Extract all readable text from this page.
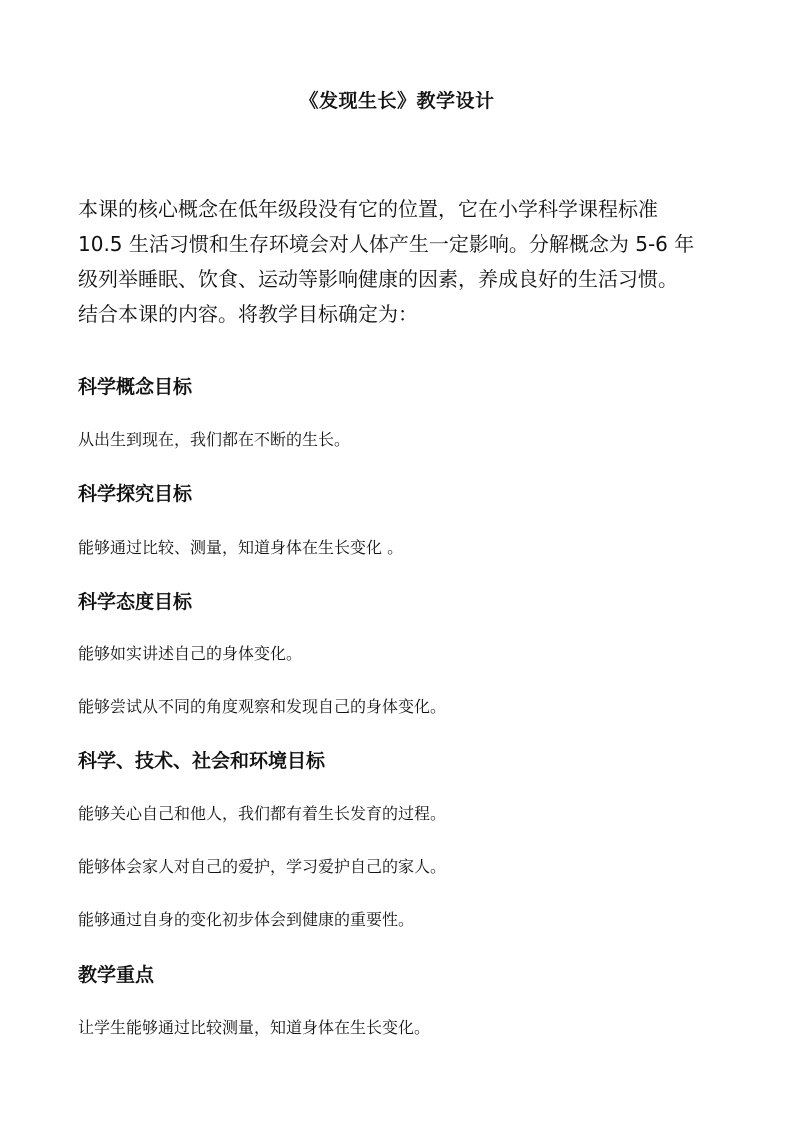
《发现生长》教学设计
本课的核心概念在低年级段没有它的位置，它在小学科学课程标准
10.5 生活习惯和生存环境会对人体产生一定影响。分解概念为 5-6 年
级列举睡眠、饮食、运动等影响健康的因素，养成良好的生活习惯。
结合本课的内容。将教学目标确定为：
科学概念目标
从出生到现在，我们都在不断的生长。
科学探究目标
能够通过比较、测量，知道身体在生长变化 。
科学态度目标
能够如实讲述自己的身体变化。
能够尝试从不同的角度观察和发现自己的身体变化。
科学、技术、社会和环境目标
能够关心自己和他人，我们都有着生长发育的过程。
能够体会家人对自己的爱护，学习爱护自己的家人。
能够通过自身的变化初步体会到健康的重要性。
教学重点
让学生能够通过比较测量，知道身体在生长变化。
